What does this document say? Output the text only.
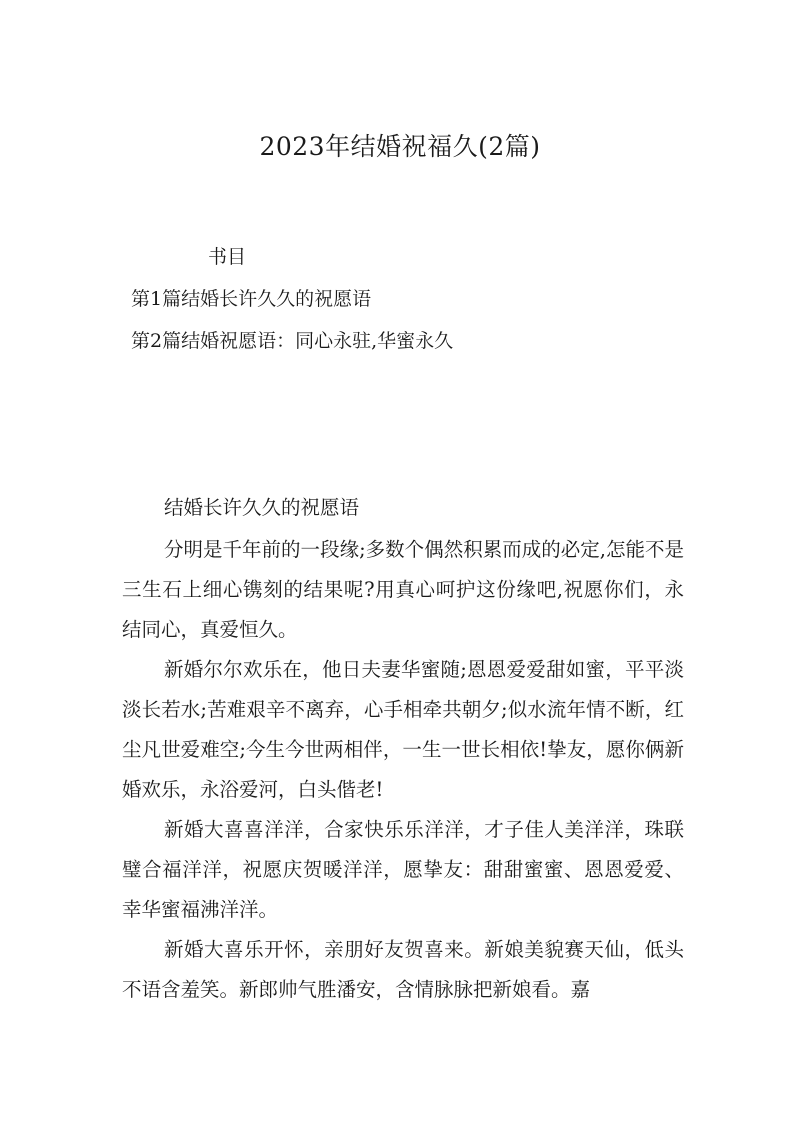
2023年结婚祝福久(2篇)
书目
第1篇结婚长许久久的祝愿语
第2篇结婚祝愿语：同心永驻,华蜜永久
结婚长许久久的祝愿语

分明是千年前的一段缘;多数个偶然积累而成的必定,怎能不是三生石上细心镌刻的结果呢?用真心呵护这份缘吧,祝愿你们，永结同心，真爱恒久。

新婚尔尔欢乐在，他日夫妻华蜜随;恩恩爱爱甜如蜜，平平淡淡长若水;苦难艰辛不离弃，心手相牵共朝夕;似水流年情不断，红尘凡世爱难空;今生今世两相伴，一生一世长相依!挚友，愿你俩新婚欢乐，永浴爱河，白头偕老!

新婚大喜喜洋洋，合家快乐乐洋洋，才子佳人美洋洋，珠联璧合福洋洋，祝愿庆贺暖洋洋，愿挚友：甜甜蜜蜜、恩恩爱爱、幸华蜜福沸洋洋。

新婚大喜乐开怀，亲朋好友贺喜来。新娘美貌赛天仙，低头不语含羞笑。新郎帅气胜潘安，含情脉脉把新娘看。嘉
